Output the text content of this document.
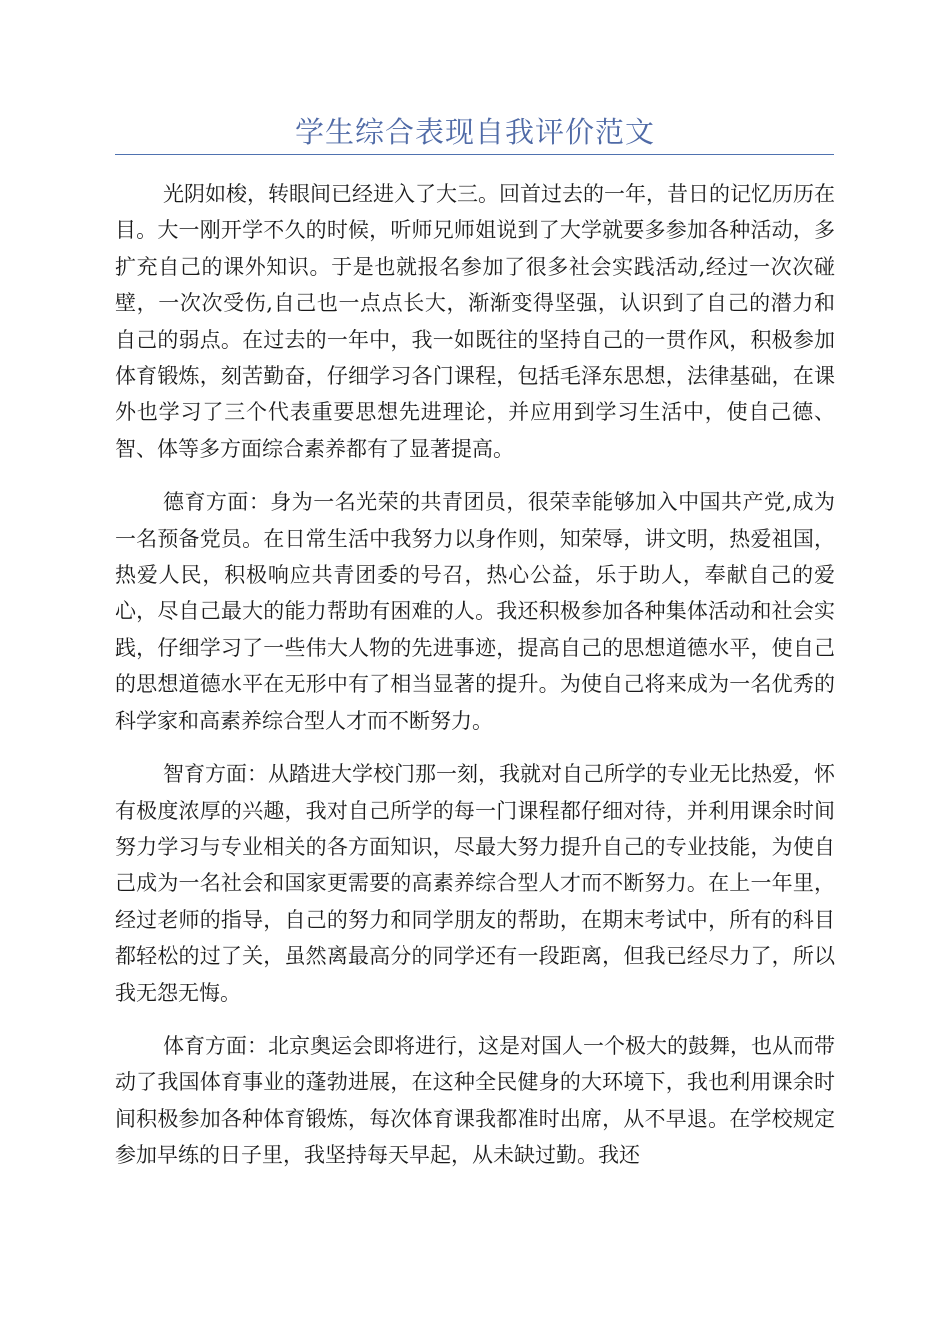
学生综合表现自我评价范文

光阴如梭，转眼间已经进入了大三。回首过去的一年，昔日的记忆历历在目。大一刚开学不久的时候，听师兄师姐说到了大学就要多参加各种活动，多扩充自己的课外知识。于是也就报名参加了很多社会实践活动,经过一次次碰壁，一次次受伤,自己也一点点长大，渐渐变得坚强，认识到了自己的潜力和自己的弱点。在过去的一年中，我一如既往的坚持自己的一贯作风，积极参加体育锻炼，刻苦勤奋，仔细学习各门课程，包括毛泽东思想，法律基础，在课外也学习了三个代表重要思想先进理论，并应用到学习生活中，使自己德、智、体等多方面综合素养都有了显著提高。

德育方面：身为一名光荣的共青团员，很荣幸能够加入中国共产党,成为一名预备党员。在日常生活中我努力以身作则，知荣辱，讲文明，热爱祖国，热爱人民，积极响应共青团委的号召，热心公益，乐于助人，奉献自己的爱心，尽自己最大的能力帮助有困难的人。我还积极参加各种集体活动和社会实践，仔细学习了一些伟大人物的先进事迹，提高自己的思想道德水平，使自己的思想道德水平在无形中有了相当显著的提升。为使自己将来成为一名优秀的科学家和高素养综合型人才而不断努力。

智育方面：从踏进大学校门那一刻，我就对自己所学的专业无比热爱，怀有极度浓厚的兴趣，我对自己所学的每一门课程都仔细对待，并利用课余时间努力学习与专业相关的各方面知识，尽最大努力提升自己的专业技能，为使自己成为一名社会和国家更需要的高素养综合型人才而不断努力。在上一年里，经过老师的指导，自己的努力和同学朋友的帮助，在期末考试中，所有的科目都轻松的过了关，虽然离最高分的同学还有一段距离，但我已经尽力了，所以我无怨无悔。

体育方面：北京奥运会即将进行，这是对国人一个极大的鼓舞，也从而带动了我国体育事业的蓬勃进展，在这种全民健身的大环境下，我也利用课余时间积极参加各种体育锻炼，每次体育课我都准时出席，从不早退。在学校规定参加早练的日子里，我坚持每天早起，从未缺过勤。我还
